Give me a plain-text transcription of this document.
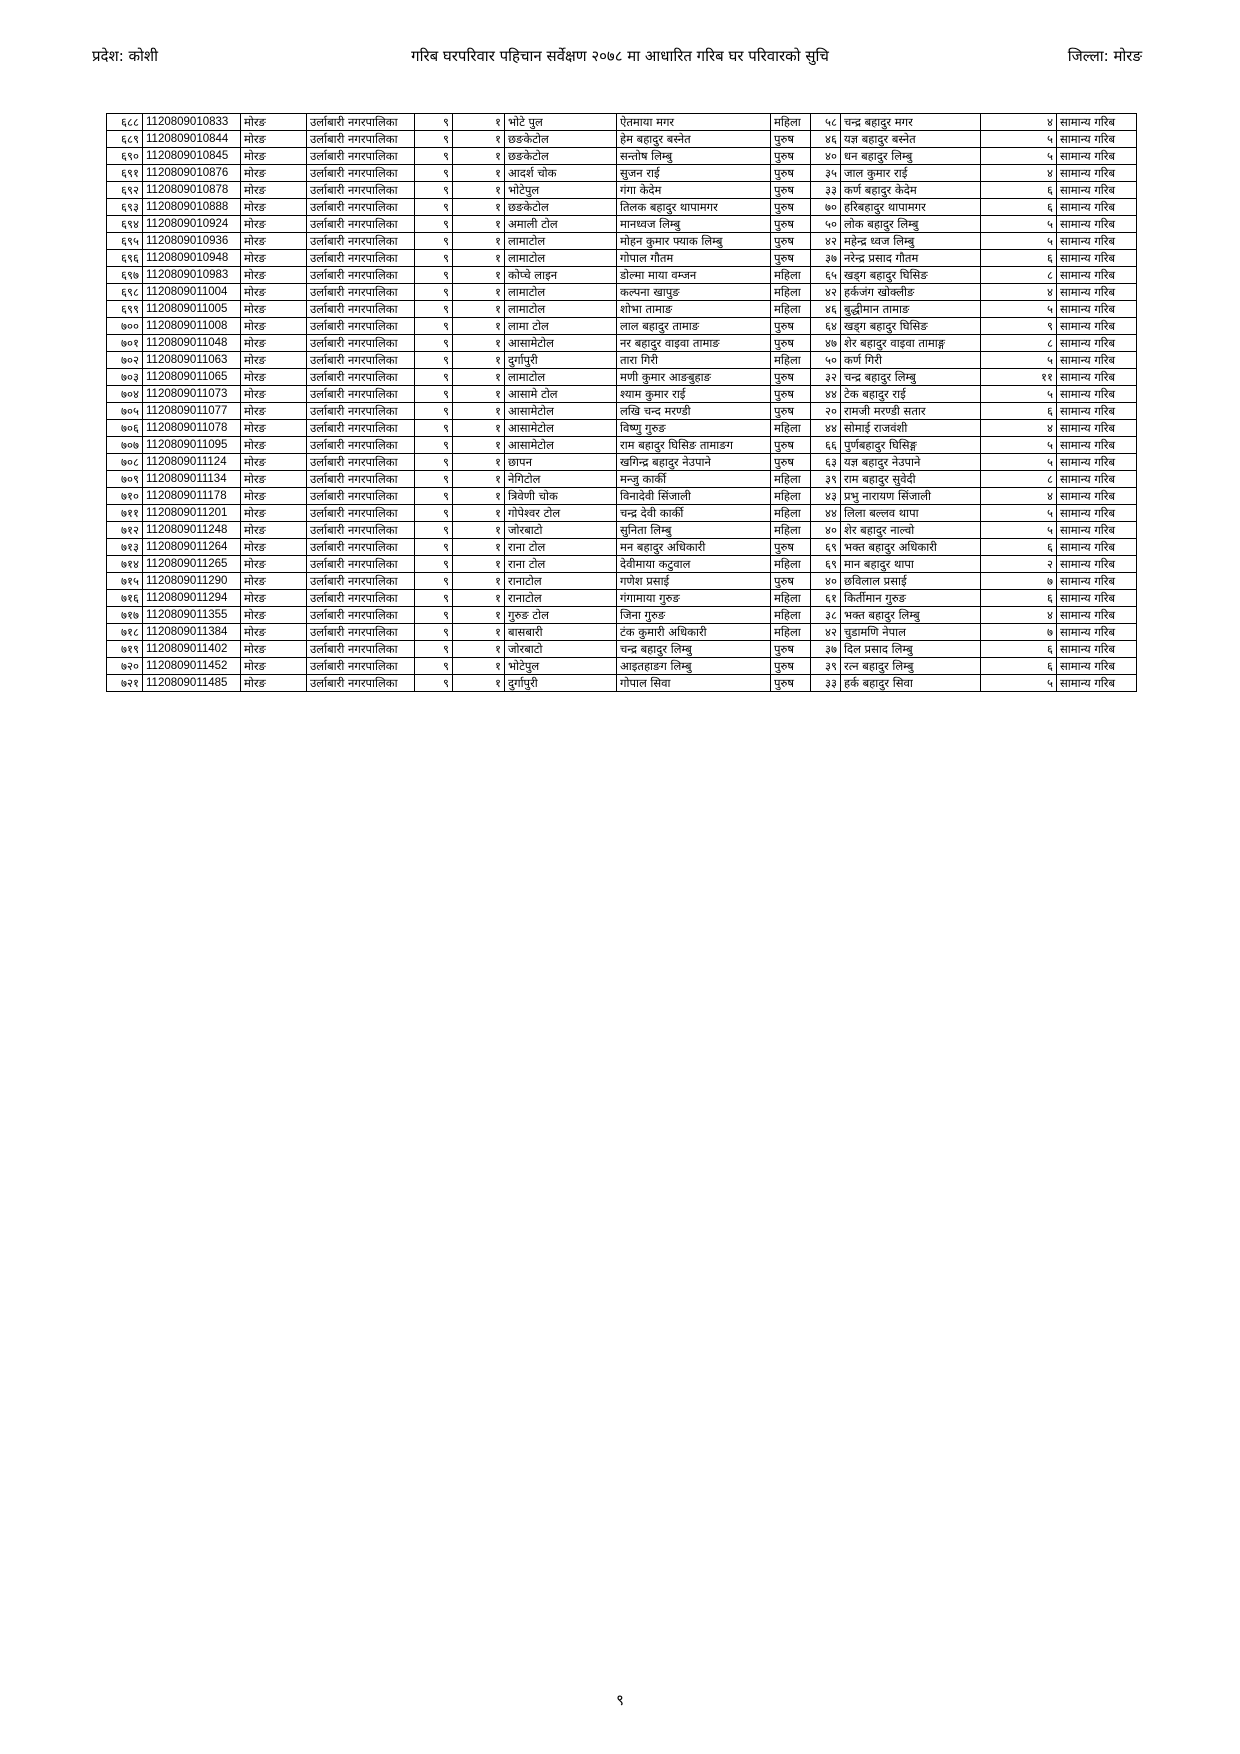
प्रदेश: कोशी	गरिब घरपरिवार पहिचान सर्वेक्षण २०७८ मा आधारित गरिब घर परिवारको सुचि	जिल्ला: मोरङ
६८८	1120809010833	मोरङ	उर्लाबारी नगरपालिका	९	१	भोटे पुल	ऐतमाया मगर	महिला	५८	चन्द्र बहादुर मगर	४	सामान्य गरिब
६८९	1120809010844	मोरङ	उर्लाबारी नगरपालिका	९	१	छङकेटोल	हेम बहादुर बस्नेत	पुरुष	४६	यज्ञ बहादुर बस्नेत	५	सामान्य गरिब
६९०	1120809010845	मोरङ	उर्लाबारी नगरपालिका	९	१	छङकेटोल	सन्तोष लिम्बु	पुरुष	४०	धन बहादुर लिम्बु	५	सामान्य गरिब
६९१	1120809010876	मोरङ	उर्लाबारी नगरपालिका	९	१	आदर्श चोक	सुजन राई	पुरुष	३५	जाल कुमार राई	४	सामान्य गरिब
६९२	1120809010878	मोरङ	उर्लाबारी नगरपालिका	९	१	भोटेपुल	गंगा केदेम	पुरुष	३३	कर्ण बहादुर केदेम	६	सामान्य गरिब
६९३	1120809010888	मोरङ	उर्लाबारी नगरपालिका	९	१	छङकेटोल	तिलक बहादुर थापामगर	पुरुष	७०	हरिबहादुर थापामगर	६	सामान्य गरिब
६९४	1120809010924	मोरङ	उर्लाबारी नगरपालिका	९	१	अमाली टोल	मानध्वज लिम्बु	पुरुष	५०	लोक बहादुर लिम्बु	५	सामान्य गरिब
६९५	1120809010936	मोरङ	उर्लाबारी नगरपालिका	९	१	लामाटोल	मोहन कुमार फ्याक लिम्बु	पुरुष	४२	महेन्द्र ध्वज लिम्बु	५	सामान्य गरिब
६९६	1120809010948	मोरङ	उर्लाबारी नगरपालिका	९	१	लामाटोल	गोपाल गौतम	पुरुष	३७	नरेन्द्र प्रसाद गौतम	६	सामान्य गरिब
६९७	1120809010983	मोरङ	उर्लाबारी नगरपालिका	९	१	कोप्चे लाइन	डोल्मा माया वम्जन	महिला	६५	खड्ग बहादुर घिसिङ	८	सामान्य गरिब
६९८	1120809011004	मोरङ	उर्लाबारी नगरपालिका	९	१	लामाटोल	कल्पना खापुङ	महिला	४२	हर्कजंग खोक्लीङ	४	सामान्य गरिब
६९९	1120809011005	मोरङ	उर्लाबारी नगरपालिका	९	१	लामाटोल	शोभा तामाङ	महिला	४६	बुद्धीमान तामाङ	५	सामान्य गरिब
७००	1120809011008	मोरङ	उर्लाबारी नगरपालिका	९	१	लामा टोल	लाल बहादुर तामाङ	पुरुष	६४	खड्ग बहादुर घिसिङ	९	सामान्य गरिब
७०१	1120809011048	मोरङ	उर्लाबारी नगरपालिका	९	१	आसामेटोल	नर बहादुर वाइवा तामाङ	पुरुष	४७	शेर बहादुर वाइवा तामाङ्ग	८	सामान्य गरिब
७०२	1120809011063	मोरङ	उर्लाबारी नगरपालिका	९	१	दुर्गापुरी	तारा गिरी	महिला	५०	कर्ण गिरी	५	सामान्य गरिब
७०३	1120809011065	मोरङ	उर्लाबारी नगरपालिका	९	१	लामाटोल	मणी कुमार आङबुहाङ	पुरुष	३२	चन्द्र बहादुर लिम्बु	११	सामान्य गरिब
७०४	1120809011073	मोरङ	उर्लाबारी नगरपालिका	९	१	आसामे टोल	श्याम कुमार राई	पुरुष	४४	टेक बहादुर राई	५	सामान्य गरिब
७०५	1120809011077	मोरङ	उर्लाबारी नगरपालिका	९	१	आसामेटोल	लखि चन्द मरण्डी	पुरुष	२०	रामजी मरण्डी सतार	६	सामान्य गरिब
७०६	1120809011078	मोरङ	उर्लाबारी नगरपालिका	९	१	आसामेटोल	विष्णु गुरुङ	महिला	४४	सोमाई राजवंशी	४	सामान्य गरिब
७०७	1120809011095	मोरङ	उर्लाबारी नगरपालिका	९	१	आसामेटोल	राम बहादुर घिसिङ तामाङग	पुरुष	६६	पुर्णबहादुर घिसिङ्ग	५	सामान्य गरिब
७०८	1120809011124	मोरङ	उर्लाबारी नगरपालिका	९	१	छापन	खगिन्द्र बहादुर नेउपाने	पुरुष	६३	यज्ञ बहादुर नेउपाने	५	सामान्य गरिब
७०९	1120809011134	मोरङ	उर्लाबारी नगरपालिका	९	१	नेगिटोल	मन्जु कार्की	महिला	३९	राम बहादुर सुवेदी	८	सामान्य गरिब
७१०	1120809011178	मोरङ	उर्लाबारी नगरपालिका	९	१	त्रिवेणी चोक	विनादेवी सिंजाली	महिला	४३	प्रभु नारायण सिंजाली	४	सामान्य गरिब
७११	1120809011201	मोरङ	उर्लाबारी नगरपालिका	९	१	गोपेश्वर टोल	चन्द्र देवी कार्की	महिला	४४	लिला बल्लव थापा	५	सामान्य गरिब
७१२	1120809011248	मोरङ	उर्लाबारी नगरपालिका	९	१	जोरबाटो	सुनिता लिम्बु	महिला	४०	शेर बहादुर नाल्वो	५	सामान्य गरिब
७१३	1120809011264	मोरङ	उर्लाबारी नगरपालिका	९	१	राना टोल	मन बहादुर अधिकारी	पुरुष	६९	भक्त बहादुर अधिकारी	६	सामान्य गरिब
७१४	1120809011265	मोरङ	उर्लाबारी नगरपालिका	९	१	राना टोल	देवीमाया कटुवाल	महिला	६९	मान बहादुर थापा	२	सामान्य गरिब
७१५	1120809011290	मोरङ	उर्लाबारी नगरपालिका	९	१	रानाटोल	गणेश प्रसाई	पुरुष	४०	छविलाल प्रसाई	७	सामान्य गरिब
७१६	1120809011294	मोरङ	उर्लाबारी नगरपालिका	९	१	रानाटोल	गंगामाया गुरुङ	महिला	६१	किर्तीमान गुरुङ	६	सामान्य गरिब
७१७	1120809011355	मोरङ	उर्लाबारी नगरपालिका	९	१	गुरुङ टोल	जिना गुरुङ	महिला	३८	भक्त बहादुर लिम्बु	४	सामान्य गरिब
७१८	1120809011384	मोरङ	उर्लाबारी नगरपालिका	९	१	बासबारी	टंक कुमारी अधिकारी	महिला	४२	चुडामणि नेपाल	७	सामान्य गरिब
७१९	1120809011402	मोरङ	उर्लाबारी नगरपालिका	९	१	जोरबाटो	चन्द्र बहादुर लिम्बु	पुरुष	३७	दिल प्रसाद लिम्बु	६	सामान्य गरिब
७२०	1120809011452	मोरङ	उर्लाबारी नगरपालिका	९	१	भोटेपुल	आइतहाङग लिम्बु	पुरुष	३९	रत्न बहादुर लिम्बु	६	सामान्य गरिब
७२१	1120809011485	मोरङ	उर्लाबारी नगरपालिका	९	१	दुर्गापुरी	गोपाल सिवा	पुरुष	३३	हर्क बहादुर सिवा	५	सामान्य गरिब
९
